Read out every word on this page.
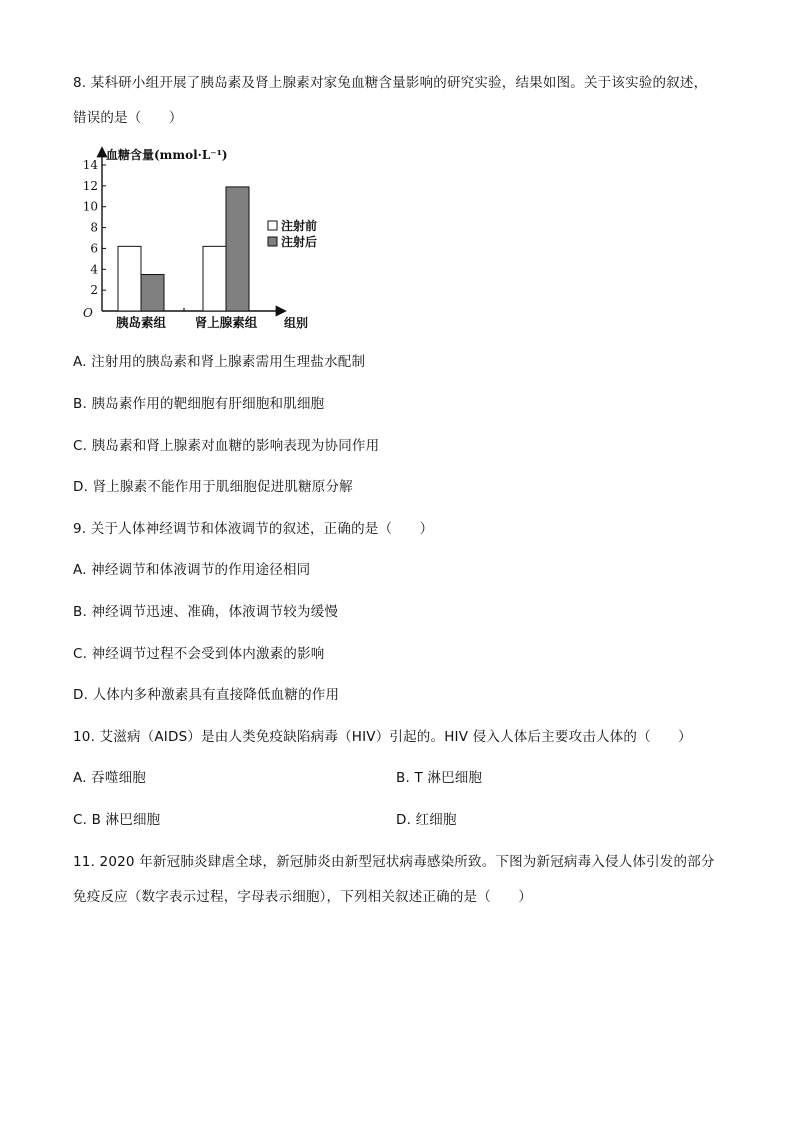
8. 某科研小组开展了胰岛素及肾上腺素对家兔血糖含量影响的研究实验，结果如图。关于该实验的叙述，
错误的是（　　）
血糖含量(mmol·L⁻¹)
O
组别
2
4
6
8
10
12
14
胰岛素组 肾上腺素组
注射前
注射后
A. 注射用的胰岛素和肾上腺素需用生理盐水配制
B. 胰岛素作用的靶细胞有肝细胞和肌细胞
C. 胰岛素和肾上腺素对血糖的影响表现为协同作用
D. 肾上腺素不能作用于肌细胞促进肌糖原分解
9. 关于人体神经调节和体液调节的叙述，正确的是（　　）
A. 神经调节和体液调节的作用途径相同
B. 神经调节迅速、准确，体液调节较为缓慢
C. 神经调节过程不会受到体内激素的影响
D. 人体内多种激素具有直接降低血糖的作用
10. 艾滋病（AIDS）是由人类免疫缺陷病毒（HIV）引起的。HIV 侵入人体后主要攻击人体的（　　）
A. 吞噬细胞	B. T 淋巴细胞
C. B 淋巴细胞	D. 红细胞
11. 2020 年新冠肺炎肆虐全球，新冠肺炎由新型冠状病毒感染所致。下图为新冠病毒入侵人体引发的部分
免疫反应（数字表示过程，字母表示细胞），下列相关叙述正确的是（　　）
